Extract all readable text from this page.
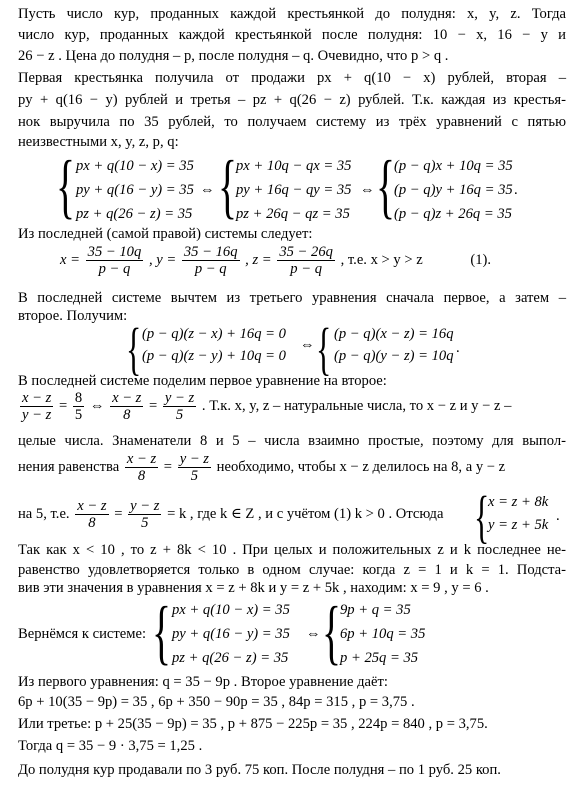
Пусть число кур, проданных каждой крестьянкой до полудня: x, y, z. Тогда
число кур, проданных каждой крестьянкой после полудня: 10 − x, 16 − y и
26 − z . Цена до полудня – p, после полудня – q. Очевидно, что p > q .
Первая крестьянка получила от продажи px + q(10 − x) рублей, вторая –
py + q(16 − y) рублей и третья – pz + q(26 − z) рублей. Т.к. каждая из крестья-
нок выручила по 35 рублей, то получаем систему из трёх уравнений с пятью
неизвестными x, y, z, p, q:
{ px + q(10 − x) = 35
py + q(16 − y) = 35
pz + q(26 − z) = 35
⇔ {
px + 10q − qx = 35
py + 16q − qy = 35
pz + 26q − qz = 35
⇔ {
(p − q)x + 10q = 35
(p − q)y + 16q = 35
(p − q)z + 26q = 35
.
Из последней (самой правой) системы следует:
$x = \frac{35 - 10q}{p - q}$ , $y = \frac{35 - 16q}{p - q}$ , $z = \frac{35 - 26q}{p - q}$ , т.е. x > y > z	(1).
В последней системе вычтем из третьего уравнения сначала первое, а затем –
второе. Получим:
{ (p − q)(z − x) + 16q = 0
(p − q)(z − y) + 10q = 0
⇔ { (p − q)(x − z) = 16q
(p − q)(y − z) = 10q .
В последней системе поделим первое уравнение на второе:
$\frac{x - z}{y - z} = \frac{8}{5}$ ⇔ $\frac{x - z}{8} = \frac{y - z}{5}$ . Т.к. x, y, z – натуральные числа, то x − z и y − z –
целые числа. Знаменатели 8 и 5 – числа взаимно простые, поэтому для выпол-
нения равенства $\frac{x - z}{8} = \frac{y - z}{5}$ необходимо, чтобы x − z делилось на 8, а y − z
на 5, т.е. $\frac{x - z}{8} = \frac{y - z}{5} = k$ , где k ∈ Z , и с учётом (1) k > 0 . Отсюда {
x = z + 8k
y = z + 5k
.
Так как x < 10 , то z + 8k < 10 . При целых и положительных z и k последнее не-
равенство удовлетворяется только в одном случае: когда z = 1 и k = 1. Подста-
вив эти значения в уравнения x = z + 8k и y = z + 5k , находим: x = 9 , y = 6 .
Вернёмся к системе: { px + q(10 − x) = 35
py + q(16 − y) = 35
pz + q(26 − z) = 35
⇔ {
9p + q = 35
6p + 10q = 35
p + 25q = 35
Из первого уравнения: q = 35 − 9p . Второе уравнение даёт:
6p + 10(35 − 9p) = 35 , 6p + 350 − 90p = 35 , 84p = 315 , p = 3,75 .
Или третье: p + 25(35 − 9p) = 35 , p + 875 − 225p = 35 , 224p = 840 , p = 3,75.
Тогда q = 35 − 9 · 3,75 = 1,25 .
До полудня кур продавали по 3 руб. 75 коп. После полудня – по 1 руб. 25 коп.
